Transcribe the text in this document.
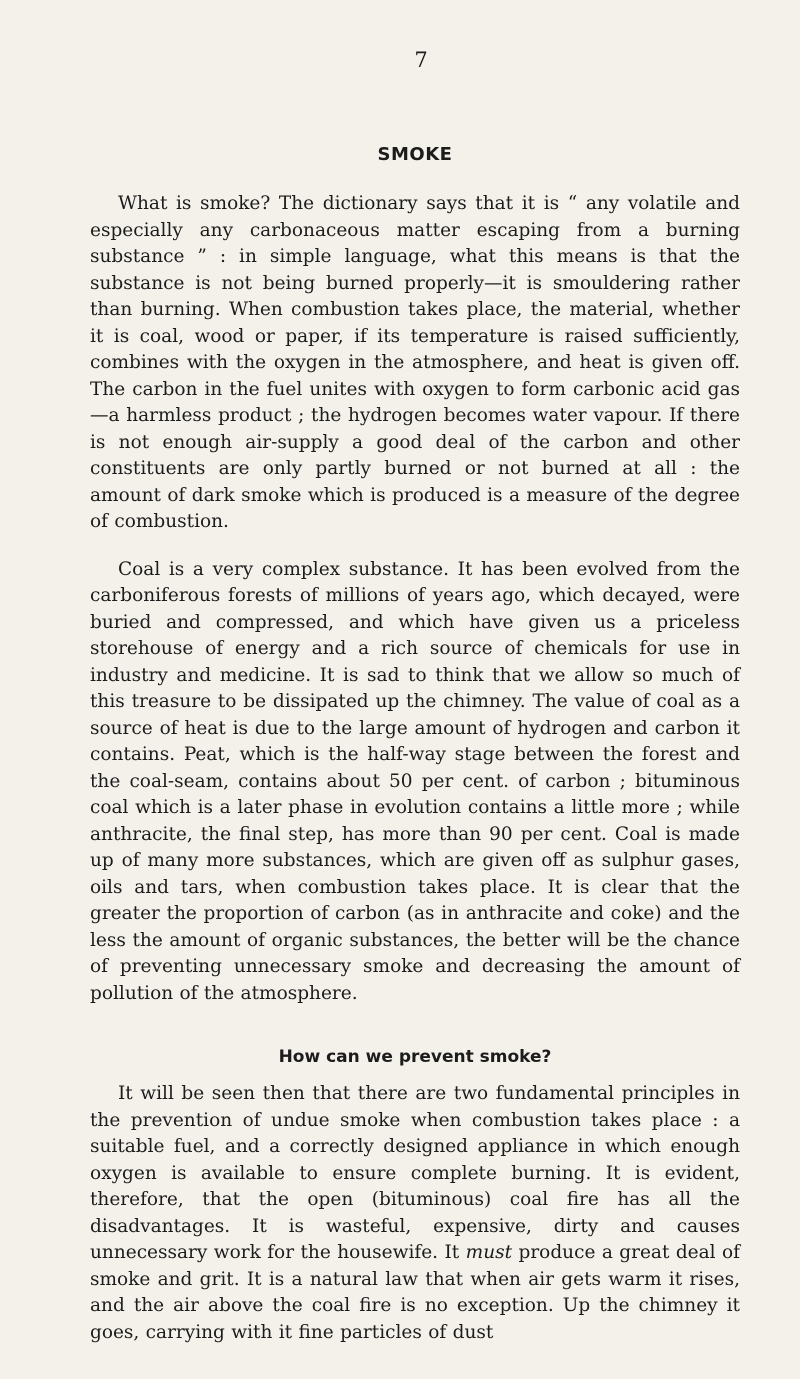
7
SMOKE

What is smoke? The dictionary says that it is “ any volatile and especially any carbonaceous matter escaping from a burning substance ” : in simple language, what this means is that the substance is not being burned properly—it is smouldering rather than burning. When combustion takes place, the material, whether it is coal, wood or paper, if its temperature is raised sufficiently, combines with the oxygen in the atmosphere, and heat is given off. The carbon in the fuel unites with oxygen to form carbonic acid gas—a harmless product ; the hydrogen becomes water vapour. If there is not enough air-supply a good deal of the carbon and other constituents are only partly burned or not burned at all : the amount of dark smoke which is produced is a measure of the degree of combustion.

Coal is a very complex substance. It has been evolved from the carboniferous forests of millions of years ago, which decayed, were buried and compressed, and which have given us a priceless storehouse of energy and a rich source of chemicals for use in industry and medicine. It is sad to think that we allow so much of this treasure to be dissipated up the chimney. The value of coal as a source of heat is due to the large amount of hydrogen and carbon it contains. Peat, which is the half-way stage between the forest and the coal-seam, contains about 50 per cent. of carbon ; bituminous coal which is a later phase in evolution contains a little more ; while anthracite, the final step, has more than 90 per cent. Coal is made up of many more substances, which are given off as sulphur gases, oils and tars, when combustion takes place. It is clear that the greater the proportion of carbon (as in anthracite and coke) and the less the amount of organic substances, the better will be the chance of preventing unnecessary smoke and decreasing the amount of pollution of the atmosphere.

How can we prevent smoke?

It will be seen then that there are two fundamental principles in the prevention of undue smoke when combustion takes place : a suitable fuel, and a correctly designed appliance in which enough oxygen is available to ensure complete burning. It is evident, therefore, that the open (bituminous) coal fire has all the disadvantages. It is wasteful, expensive, dirty and causes unnecessary work for the housewife. It must produce a great deal of smoke and grit. It is a natural law that when air gets warm it rises, and the air above the coal fire is no exception. Up the chimney it goes, carrying with it fine particles of dust
